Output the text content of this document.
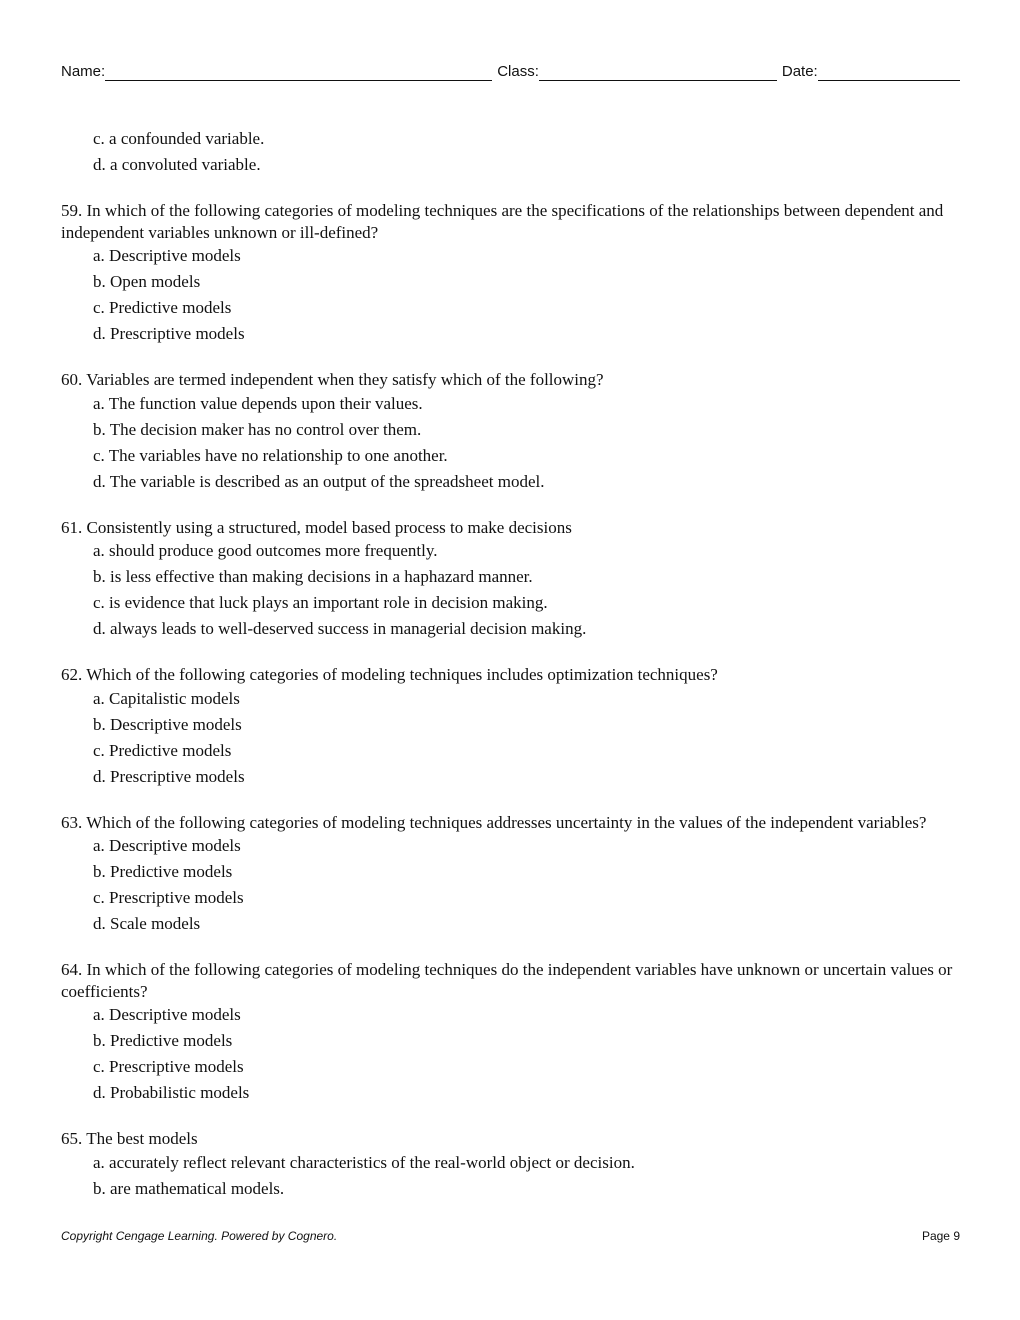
Name:	Class:	Date:
c. a confounded variable.
d. a convoluted variable.
59. In which of the following categories of modeling techniques are the specifications of the relationships between dependent and independent variables unknown or ill-defined?
a. Descriptive models
b. Open models
c. Predictive models
d. Prescriptive models
60. Variables are termed independent when they satisfy which of the following?
a. The function value depends upon their values.
b. The decision maker has no control over them.
c. The variables have no relationship to one another.
d. The variable is described as an output of the spreadsheet model.
61. Consistently using a structured, model based process to make decisions
a. should produce good outcomes more frequently.
b. is less effective than making decisions in a haphazard manner.
c. is evidence that luck plays an important role in decision making.
d. always leads to well-deserved success in managerial decision making.
62. Which of the following categories of modeling techniques includes optimization techniques?
a. Capitalistic models
b. Descriptive models
c. Predictive models
d. Prescriptive models
63. Which of the following categories of modeling techniques addresses uncertainty in the values of the independent variables?
a. Descriptive models
b. Predictive models
c. Prescriptive models
d. Scale models
64. In which of the following categories of modeling techniques do the independent variables have unknown or uncertain values or coefficients?
a. Descriptive models
b. Predictive models
c. Prescriptive models
d. Probabilistic models
65. The best models
a. accurately reflect relevant characteristics of the real-world object or decision.
b. are mathematical models.
Copyright Cengage Learning. Powered by Cognero.	Page 9
